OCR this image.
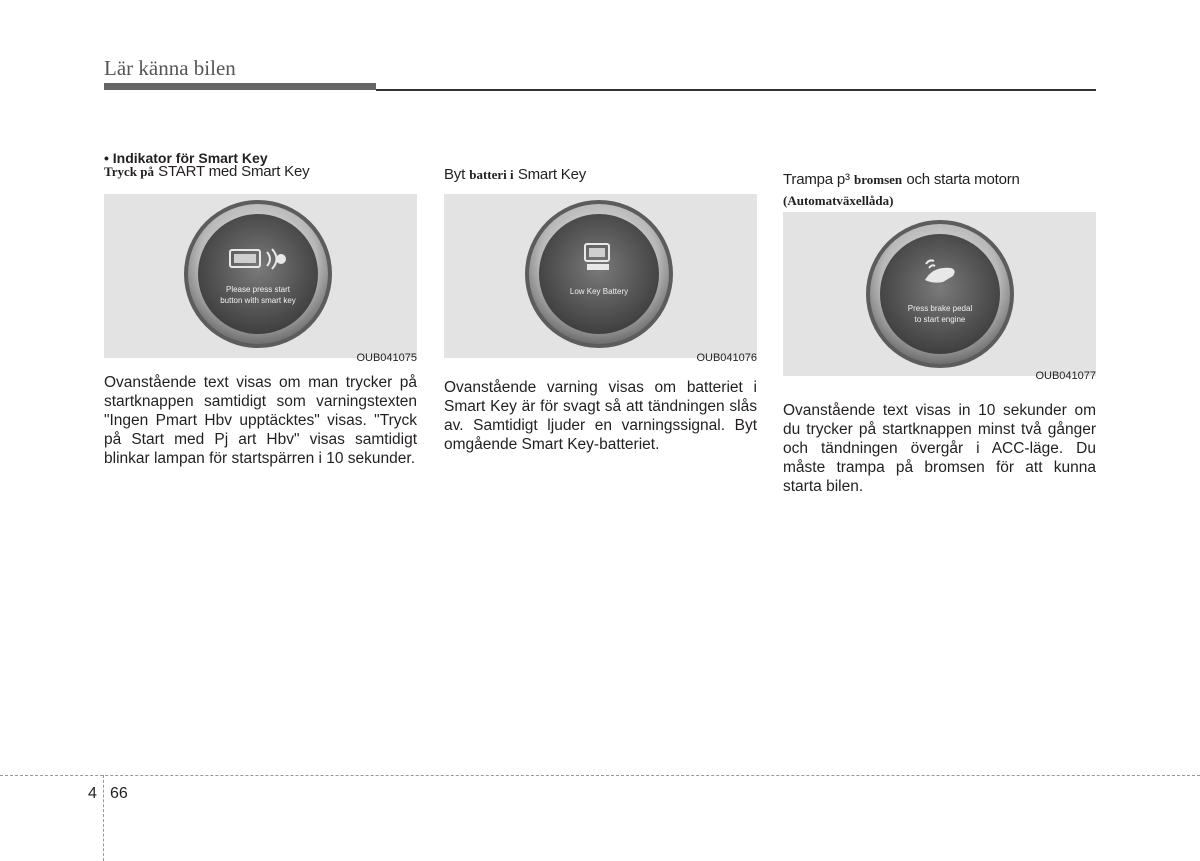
Lär känna bilen
• Indikator för Smart Key
Tryck på START med Smart Key
Please press start
button with smart key
OUB041075
Ovanstående text visas om man trycker på startknappen samtidigt som varningstexten "Ingen Pmart Hbv upptäcktes" visas. "Tryck på Start med Pj art Hbv" visas samtidigt blinkar lampan för startspärren i 10 sekunder.
Byt batteri i Smart Key
Low Key Battery
OUB041076
Ovanstående varning visas om batteriet i Smart Key är för svagt så att tändningen slås av. Samtidigt ljuder en varningssignal. Byt omgående Smart Key-batteriet.
Trampa p³ bromsen och starta motorn
(Automatväxellåda)
Press brake pedal
to start engine
OUB041077
Ovanstående text visas in 10 sekunder om du trycker på startknappen minst två gånger och tändningen övergår i ACC-läge. Du måste trampa på bromsen för att kunna starta bilen.
4 66
